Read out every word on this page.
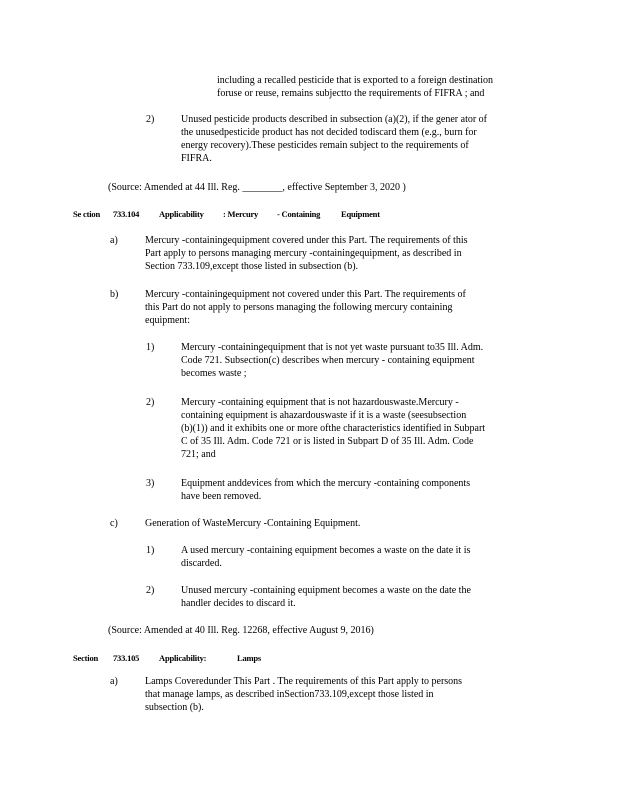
including a recalled pesticide that is exported to a foreign destination
foruse or reuse, remains subjectto the requirements of FIFRA ; and
2)	Unused pesticide products described in subsection (a)(2), if the gener ator of
the unusedpesticide product has not decided todiscard them (e.g., burn for
energy recovery).These pesticides remain subject to the requirements of
FIFRA.
(Source: Amended at 44 Ill. Reg. ________, effective September 3, 2020 )
Se ction 733.104 Applicability : Mercury - Containing Equipment
a)	Mercury -containingequipment covered under this Part. The requirements of this
Part apply to persons managing mercury -containingequipment, as described in
Section 733.109,except those listed in subsection (b).
b)	Mercury -containingequipment not covered under this Part. The requirements of
this Part do not apply to persons managing the following mercury containing
equipment:
1)	Mercury -containingequipment that is not yet waste pursuant to35 Ill. Adm.
Code 721. Subsection(c) describes when mercury - containing equipment
becomes waste ;
2)	Mercury -containing equipment that is not hazardouswaste.Mercury -
containing equipment is ahazardouswaste if it is a waste (seesubsection
(b)(1)) and it exhibits one or more ofthe characteristics identified in Subpart
C of 35 Ill. Adm. Code 721 or is listed in Subpart D of 35 Ill. Adm. Code
721; and
3)	Equipment anddevices from which the mercury -containing components
have been removed.
c)	Generation of WasteMercury -Containing Equipment.
1)	A used mercury -containing equipment becomes a waste on the date it is
discarded.
2)	Unused mercury -containing equipment becomes a waste on the date the
handler decides to discard it.
(Source: Amended at 40 Ill. Reg. 12268, effective August 9, 2016)
Section 733.105 Applicability:	Lamps
a)	Lamps Coveredunder This Part . The requirements of this Part apply to persons
that manage lamps, as described inSection733.109,except those listed in
subsection (b).
